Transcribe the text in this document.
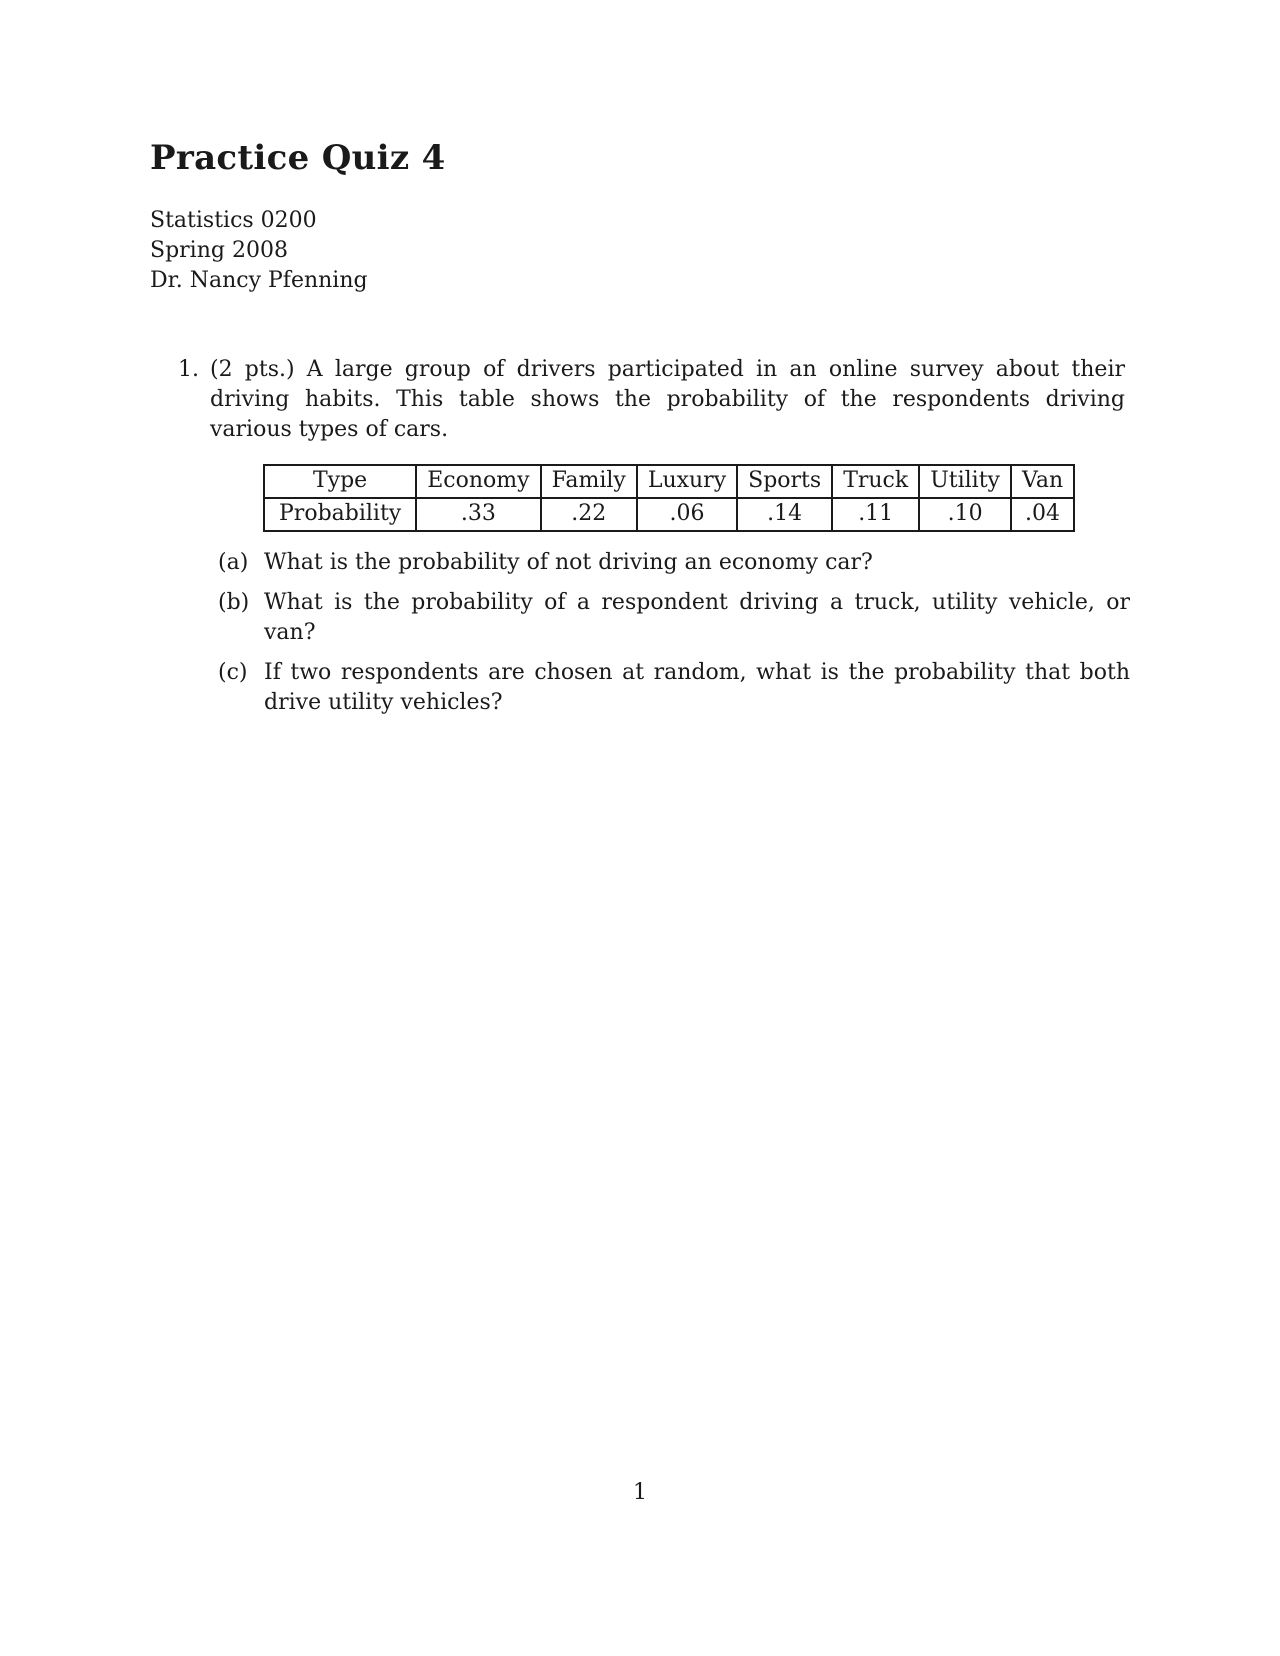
Practice Quiz 4
Statistics 0200
Spring 2008
Dr. Nancy Pfenning
1. (2 pts.) A large group of drivers participated in an online survey about their driving habits. This table shows the probability of the respondents driving various types of cars.
Type	Economy	Family	Luxury	Sports	Truck	Utility	Van
Probability	.33	.22	.06	.14	.11	.10	.04
(a) What is the probability of not driving an economy car?
(b) What is the probability of a respondent driving a truck, utility vehicle, or van?
(c) If two respondents are chosen at random, what is the probability that both drive utility vehicles?
1
